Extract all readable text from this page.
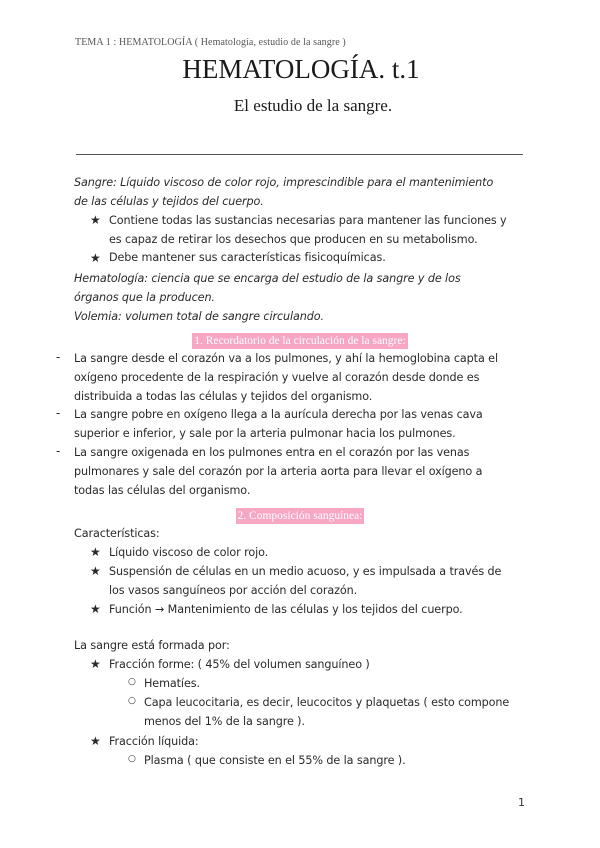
TEMA 1 : HEMATOLOGÍA ( Hematología, estudio de la sangre )
HEMATOLOGÍA. t.1
El estudio de la sangre.
Sangre: Líquido viscoso de color rojo, imprescindible para el mantenimiento
de las células y tejidos del cuerpo.
★ Contiene todas las sustancias necesarias para mantener las funciones y
es capaz de retirar los desechos que producen en su metabolismo.
★ Debe mantener sus características fisicoquímicas.
Hematología: ciencia que se encarga del estudio de la sangre y de los
órganos que la producen.
Volemia: volumen total de sangre circulando.
1. Recordatorio de la circulación de la sangre:
- La sangre desde el corazón va a los pulmones, y ahí la hemoglobina capta el
oxígeno procedente de la respiración y vuelve al corazón desde donde es
distribuida a todas las células y tejidos del organismo.
- La sangre pobre en oxígeno llega a la aurícula derecha por las venas cava
superior e inferior, y sale por la arteria pulmonar hacia los pulmones.
- La sangre oxigenada en los pulmones entra en el corazón por las venas
pulmonares y sale del corazón por la arteria aorta para llevar el oxígeno a
todas las células del organismo.
2. Composición sanguínea:
Características:
★ Líquido viscoso de color rojo.
★ Suspensión de células en un medio acuoso, y es impulsada a través de
los vasos sanguíneos por acción del corazón.
★ Función → Mantenimiento de las células y los tejidos del cuerpo.
La sangre está formada por:
★ Fracción forme: ( 45% del volumen sanguíneo )
○ Hematíes.
○ Capa leucocitaria, es decir, leucocitos y plaquetas ( esto compone
menos del 1% de la sangre ).
★ Fracción líquida:
○ Plasma ( que consiste en el 55% de la sangre ).
1
